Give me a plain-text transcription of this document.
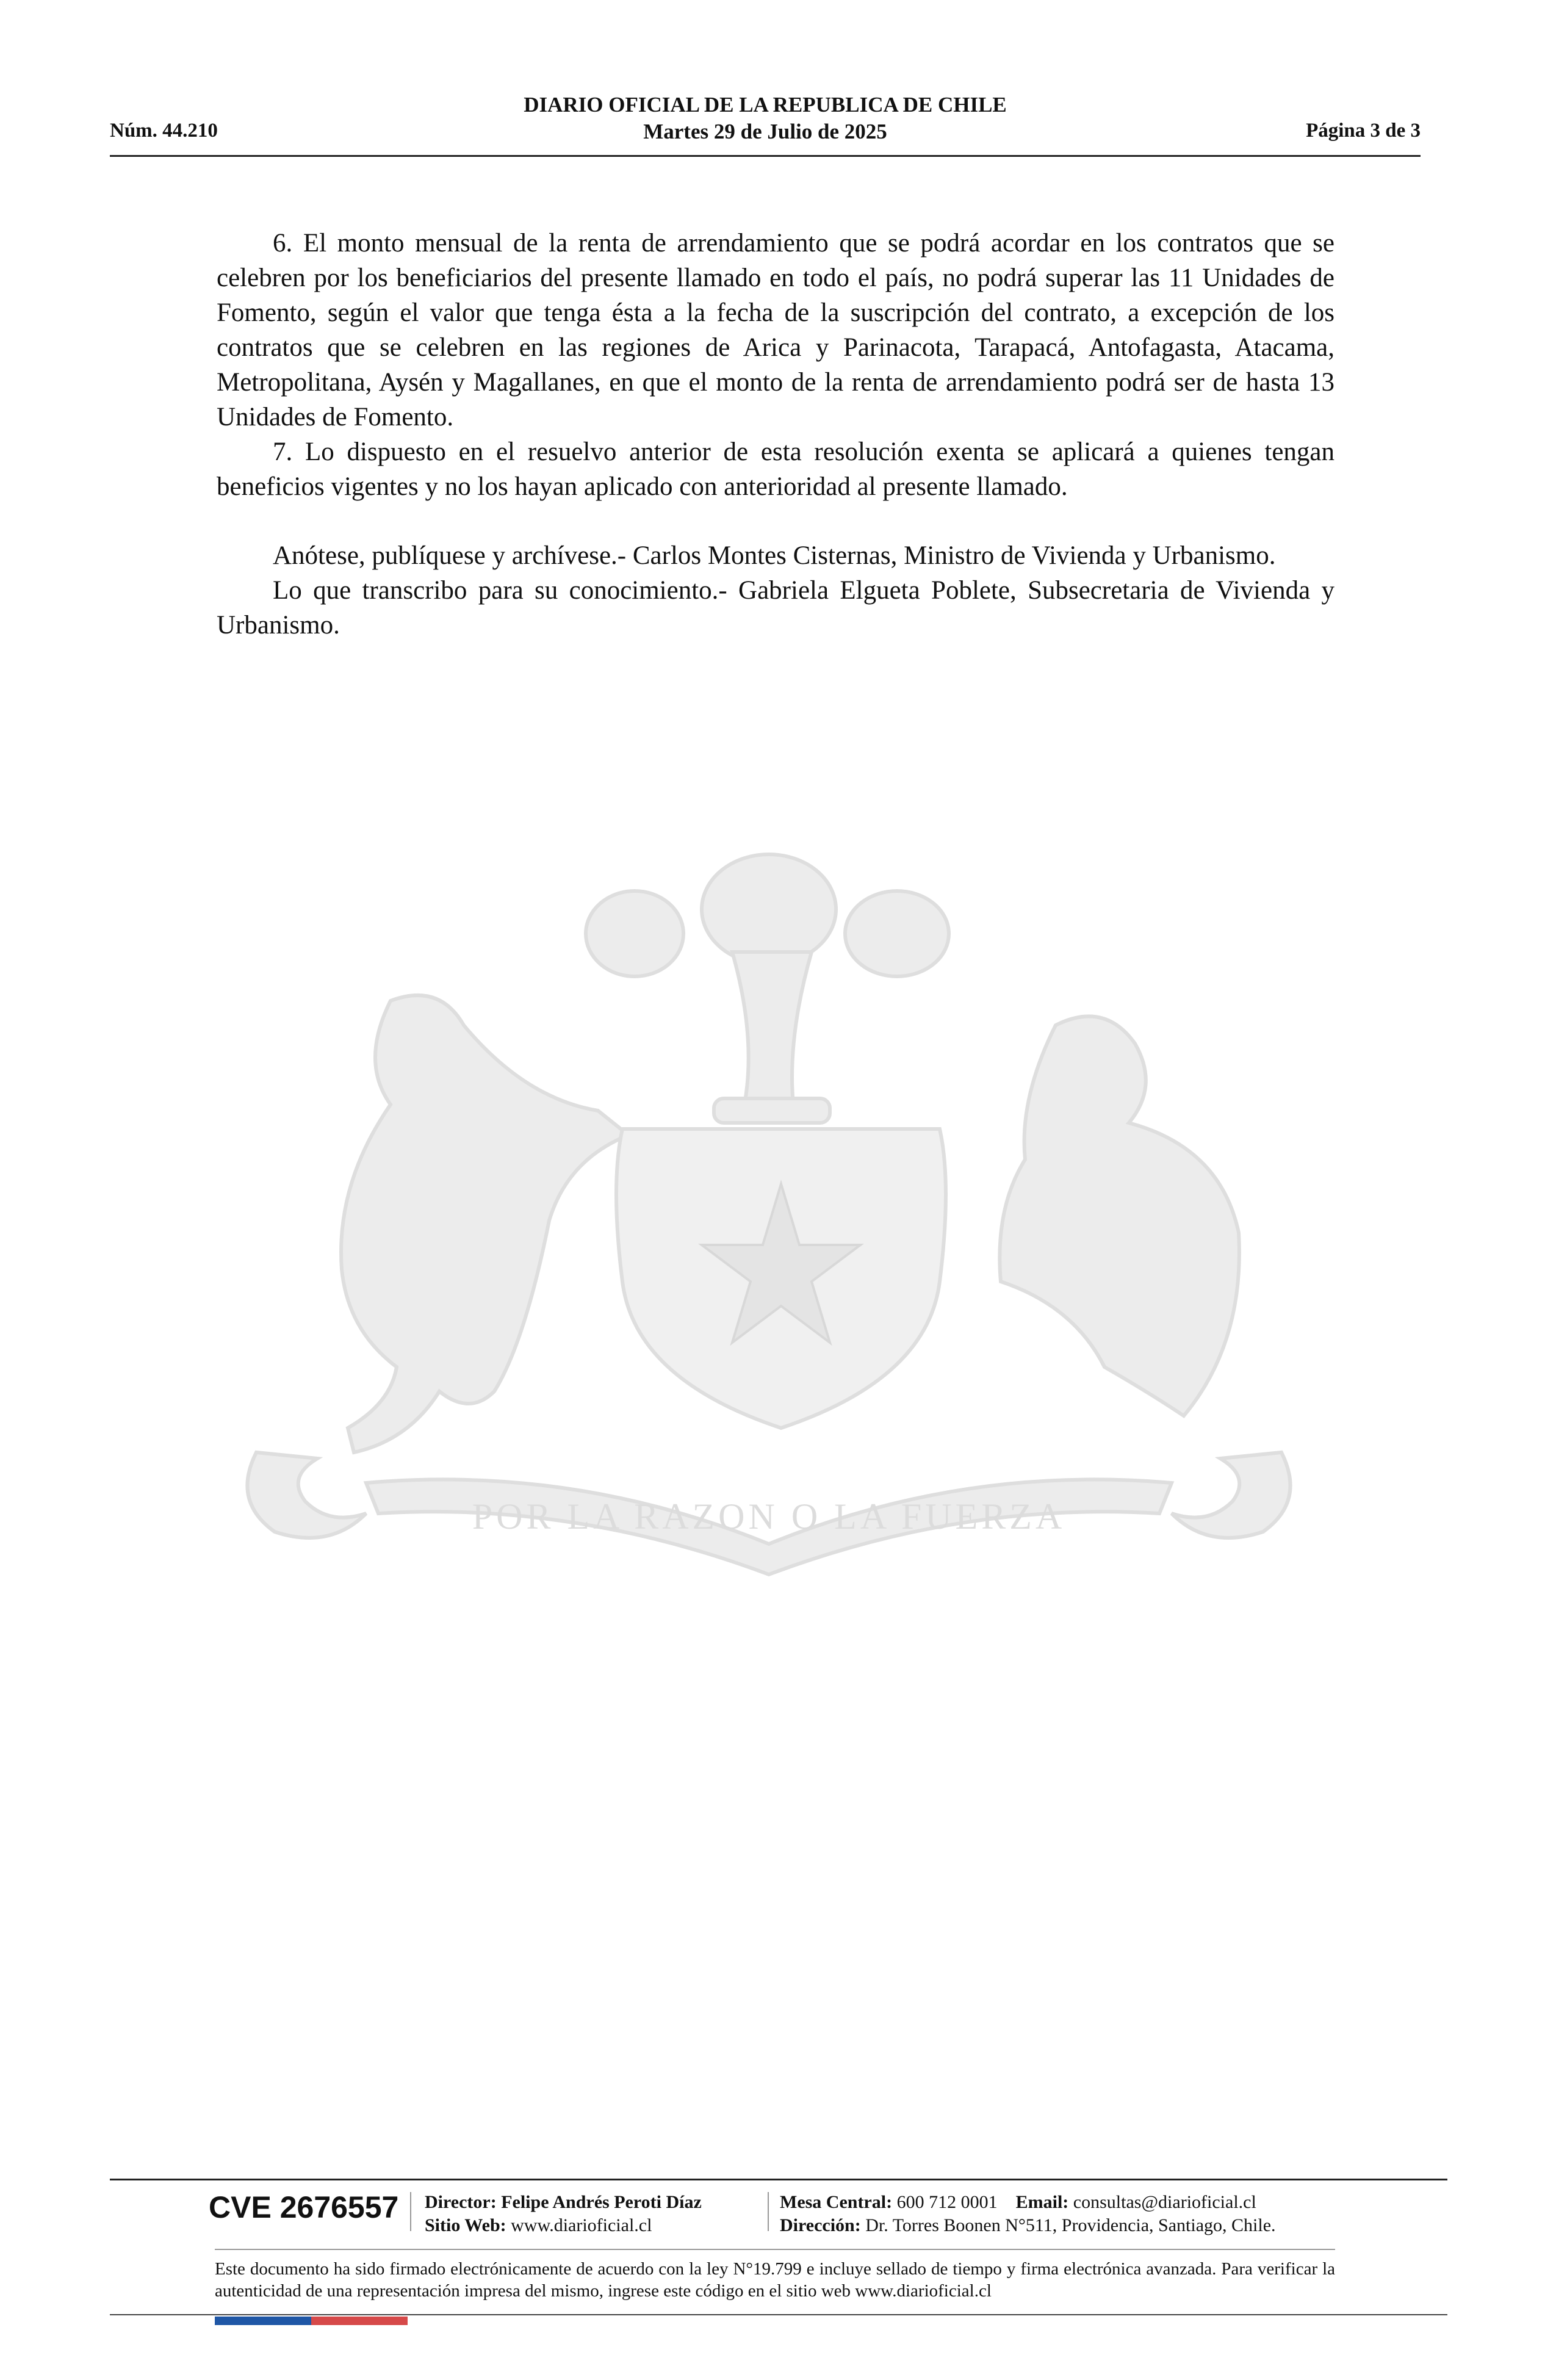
DIARIO OFICIAL DE LA REPUBLICA DE CHILE
Martes 29 de Julio de 2025
Núm. 44.210	Página 3 de 3

6. El monto mensual de la renta de arrendamiento que se podrá acordar en los contratos que se celebren por los beneficiarios del presente llamado en todo el país, no podrá superar las 11 Unidades de Fomento, según el valor que tenga ésta a la fecha de la suscripción del contrato, a excepción de los contratos que se celebren en las regiones de Arica y Parinacota, Tarapacá, Antofagasta, Atacama, Metropolitana, Aysén y Magallanes, en que el monto de la renta de arrendamiento podrá ser de hasta 13 Unidades de Fomento.

7. Lo dispuesto en el resuelvo anterior de esta resolución exenta se aplicará a quienes tengan beneficios vigentes y no los hayan aplicado con anterioridad al presente llamado.

Anótese, publíquese y archívese.- Carlos Montes Cisternas, Ministro de Vivienda y Urbanismo.

Lo que transcribo para su conocimiento.- Gabriela Elgueta Poblete, Subsecretaria de Vivienda y Urbanismo.

POR LA RAZON O LA FUERZA
CVE 2676557 Director: Felipe Andrés Peroti Díaz
Sitio Web: www.diarioficial.cl
Mesa Central: 600 712 0001 Email: consultas@diarioficial.cl
Dirección: Dr. Torres Boonen N°511, Providencia, Santiago, Chile.
Este documento ha sido firmado electrónicamente de acuerdo con la ley N°19.799 e incluye sellado de tiempo y firma electrónica avanzada. Para verificar la autenticidad de una representación impresa del mismo, ingrese este código en el sitio web www.diarioficial.cl
